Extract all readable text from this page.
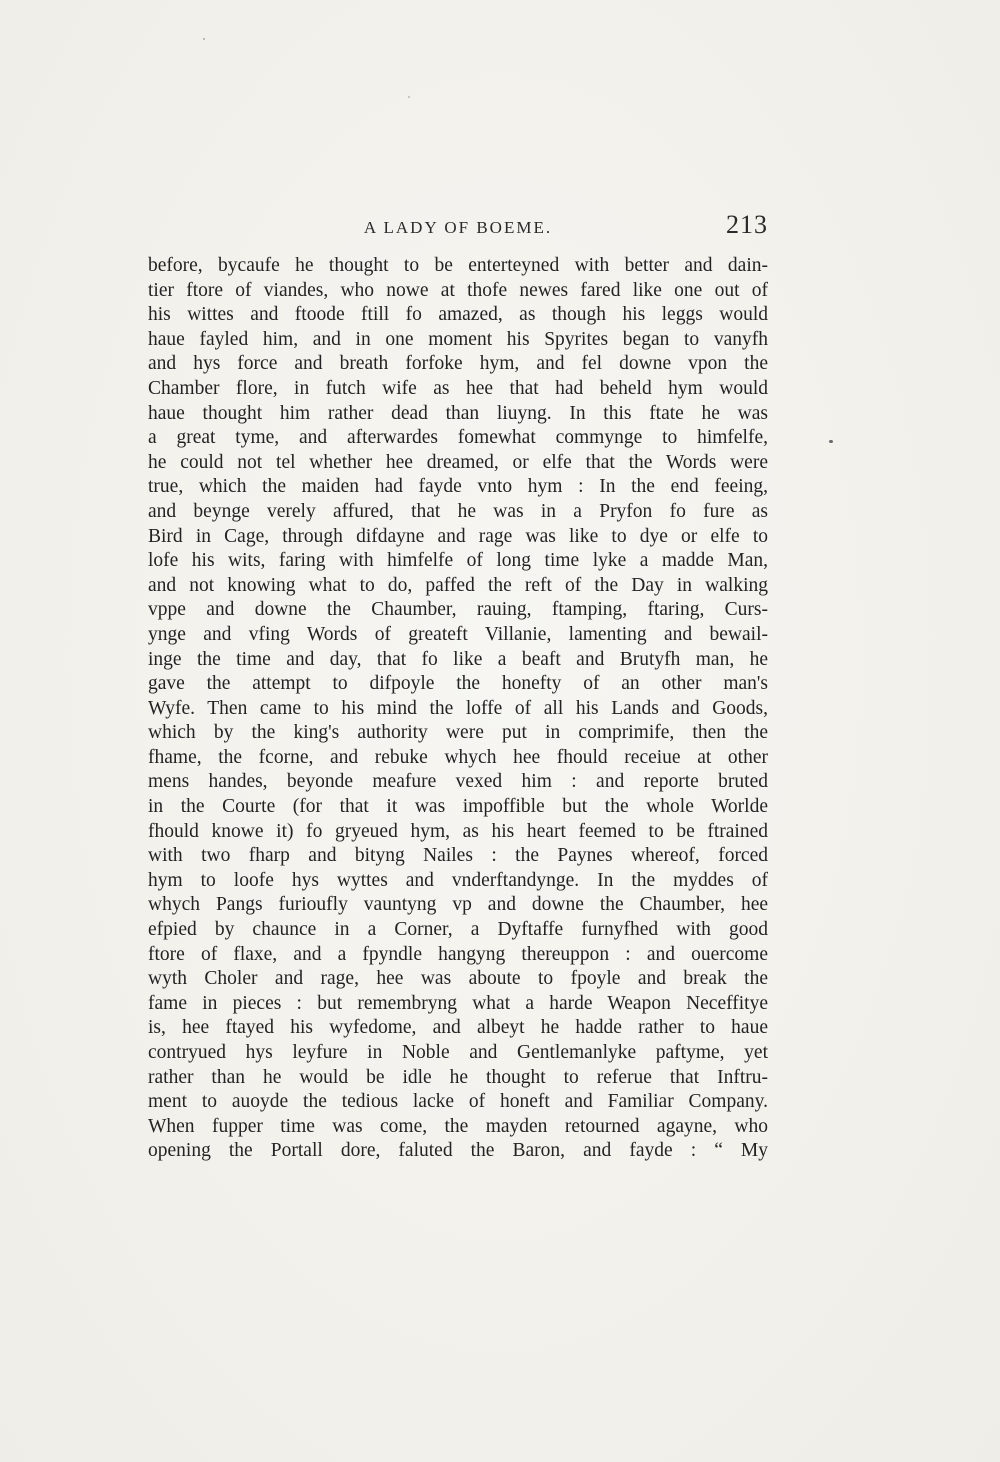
A LADY OF BOEME.	213
before, bycaufe he thought to be enterteyned with better and dain-
tier ftore of viandes, who nowe at thofe newes fared like one out of
his wittes and ftoode ftill fo amazed, as though his leggs would
haue fayled him, and in one moment his Spyrites began to vanyfh
and hys force and breath forfoke hym, and fel downe vpon the
Chamber flore, in futch wife as hee that had beheld hym would
haue thought him rather dead than liuyng. In this ftate he was
a great tyme, and afterwardes fomewhat commynge to himfelfe,
he could not tel whether hee dreamed, or elfe that the Words were
true, which the maiden had fayde vnto hym : In the end feeing,
and beynge verely affured, that he was in a Pryfon fo fure as
Bird in Cage, through difdayne and rage was like to dye or elfe to
lofe his wits, faring with himfelfe of long time lyke a madde Man,
and not knowing what to do, paffed the reft of the Day in walking
vppe and downe the Chaumber, rauing, ftamping, ftaring, Curs-
ynge and vfing Words of greateft Villanie, lamenting and bewail-
inge the time and day, that fo like a beaft and Brutyfh man, he
gave the attempt to difpoyle the honefty of an other man's
Wyfe. Then came to his mind the loffe of all his Lands and Goods,
which by the king's authority were put in comprimife, then the
fhame, the fcorne, and rebuke whych hee fhould receiue at other
mens handes, beyonde meafure vexed him : and reporte bruted
in the Courte (for that it was impoffible but the whole Worlde
fhould knowe it) fo gryeued hym, as his heart feemed to be ftrained
with two fharp and bityng Nailes : the Paynes whereof, forced
hym to loofe hys wyttes and vnderftandynge. In the myddes of
whych Pangs furioufly vauntyng vp and downe the Chaumber, hee
efpied by chaunce in a Corner, a Dyftaffe furnyfhed with good
ftore of flaxe, and a fpyndle hangyng thereuppon : and ouercome
wyth Choler and rage, hee was aboute to fpoyle and break the
fame in pieces : but remembryng what a harde Weapon Neceffitye
is, hee ftayed his wyfedome, and albeyt he hadde rather to haue
contryued hys leyfure in Noble and Gentlemanlyke paftyme, yet
rather than he would be idle he thought to referue that Inftru-
ment to auoyde the tedious lacke of honeft and Familiar Company.
When fupper time was come, the mayden retourned agayne, who
opening the Portall dore, faluted the Baron, and fayde : “ My
